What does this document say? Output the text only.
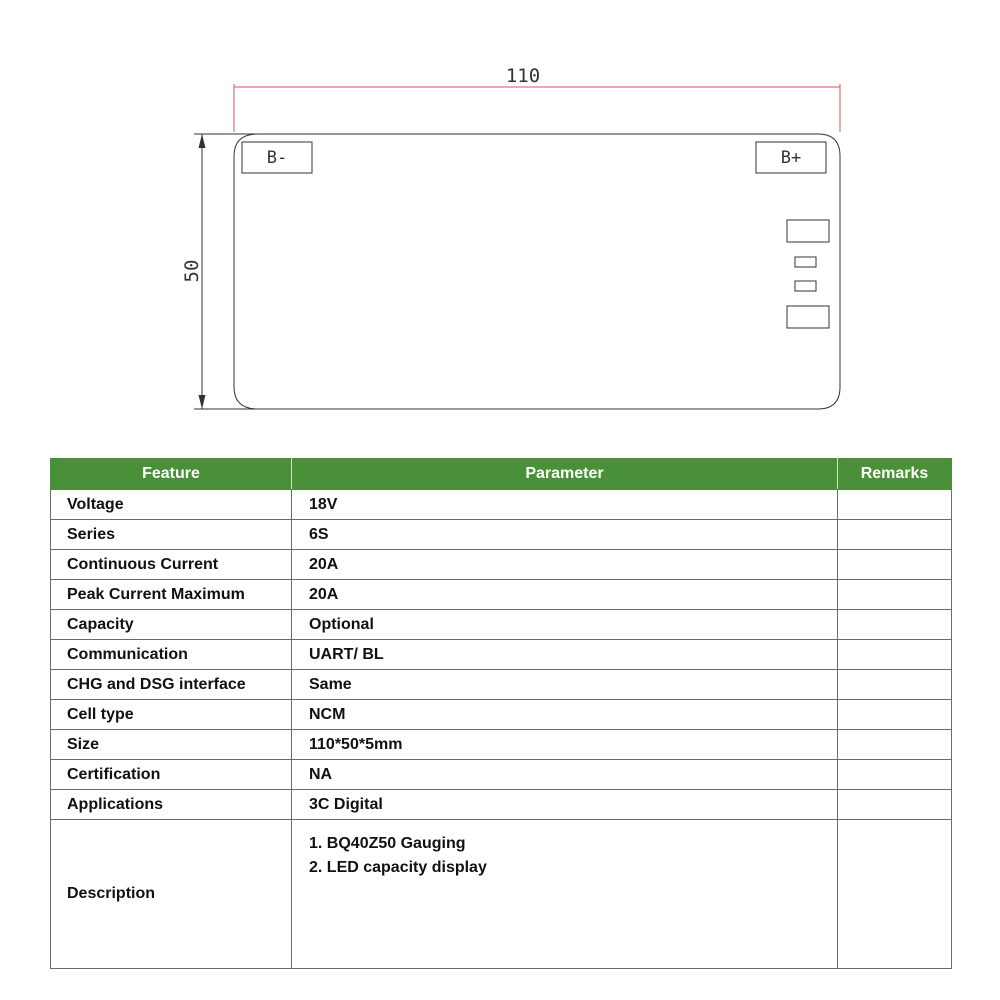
110
50
B-	B+
Feature	Parameter	Remarks
Voltage	18V	
Series	6S	
Continuous Current	20A	
Peak Current Maximum	20A	
Capacity	Optional	
Communication	UART/ BL	
CHG and DSG interface	Same	
Cell type	NCM	
Size	110*50*5mm	
Certification	NA	
Applications	3C Digital	
Description	1. BQ40Z50 Gauging
2. LED capacity display	
